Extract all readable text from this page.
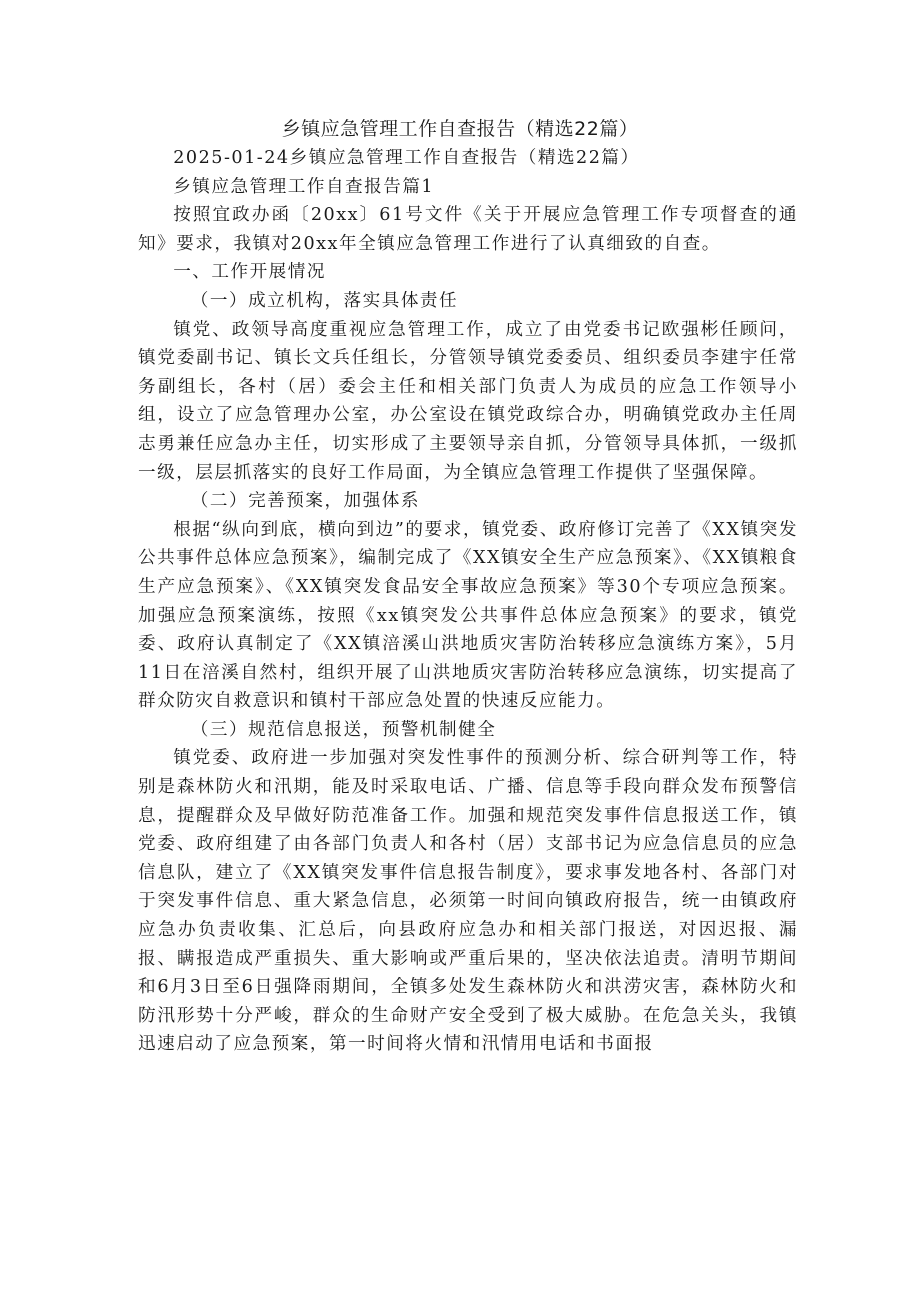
乡镇应急管理工作自查报告（精选22篇）

2025-01-24乡镇应急管理工作自查报告（精选22篇）

乡镇应急管理工作自查报告篇1

按照宜政办函〔20xx〕61号文件《关于开展应急管理工作专项督查的通知》要求，我镇对20xx年全镇应急管理工作进行了认真细致的自查。

一、工作开展情况

（一）成立机构，落实具体责任

镇党、政领导高度重视应急管理工作，成立了由党委书记欧强彬任顾问，镇党委副书记、镇长文兵任组长，分管领导镇党委委员、组织委员李建宇任常务副组长，各村（居）委会主任和相关部门负责人为成员的应急工作领导小组，设立了应急管理办公室，办公室设在镇党政综合办，明确镇党政办主任周志勇兼任应急办主任，切实形成了主要领导亲自抓，分管领导具体抓，一级抓一级，层层抓落实的良好工作局面，为全镇应急管理工作提供了坚强保障。

（二）完善预案，加强体系

根据“纵向到底，横向到边”的要求，镇党委、政府修订完善了《XX镇突发公共事件总体应急预案》，编制完成了《XX镇安全生产应急预案》、《XX镇粮食生产应急预案》、《XX镇突发食品安全事故应急预案》等30个专项应急预案。加强应急预案演练，按照《xx镇突发公共事件总体应急预案》的要求，镇党委、政府认真制定了《XX镇涪溪山洪地质灾害防治转移应急演练方案》，5月11日在涪溪自然村，组织开展了山洪地质灾害防治转移应急演练，切实提高了群众防灾自救意识和镇村干部应急处置的快速反应能力。

（三）规范信息报送，预警机制健全

镇党委、政府进一步加强对突发性事件的预测分析、综合研判等工作，特别是森林防火和汛期，能及时采取电话、广播、信息等手段向群众发布预警信息，提醒群众及早做好防范准备工作。加强和规范突发事件信息报送工作，镇党委、政府组建了由各部门负责人和各村（居）支部书记为应急信息员的应急信息队，建立了《XX镇突发事件信息报告制度》，要求事发地各村、各部门对于突发事件信息、重大紧急信息，必须第一时间向镇政府报告，统一由镇政府应急办负责收集、汇总后，向县政府应急办和相关部门报送，对因迟报、漏报、瞒报造成严重损失、重大影响或严重后果的，坚决依法追责。清明节期间和6月3日至6日强降雨期间，全镇多处发生森林防火和洪涝灾害，森林防火和防汛形势十分严峻，群众的生命财产安全受到了极大威胁。在危急关头，我镇迅速启动了应急预案，第一时间将火情和汛情用电话和书面报
